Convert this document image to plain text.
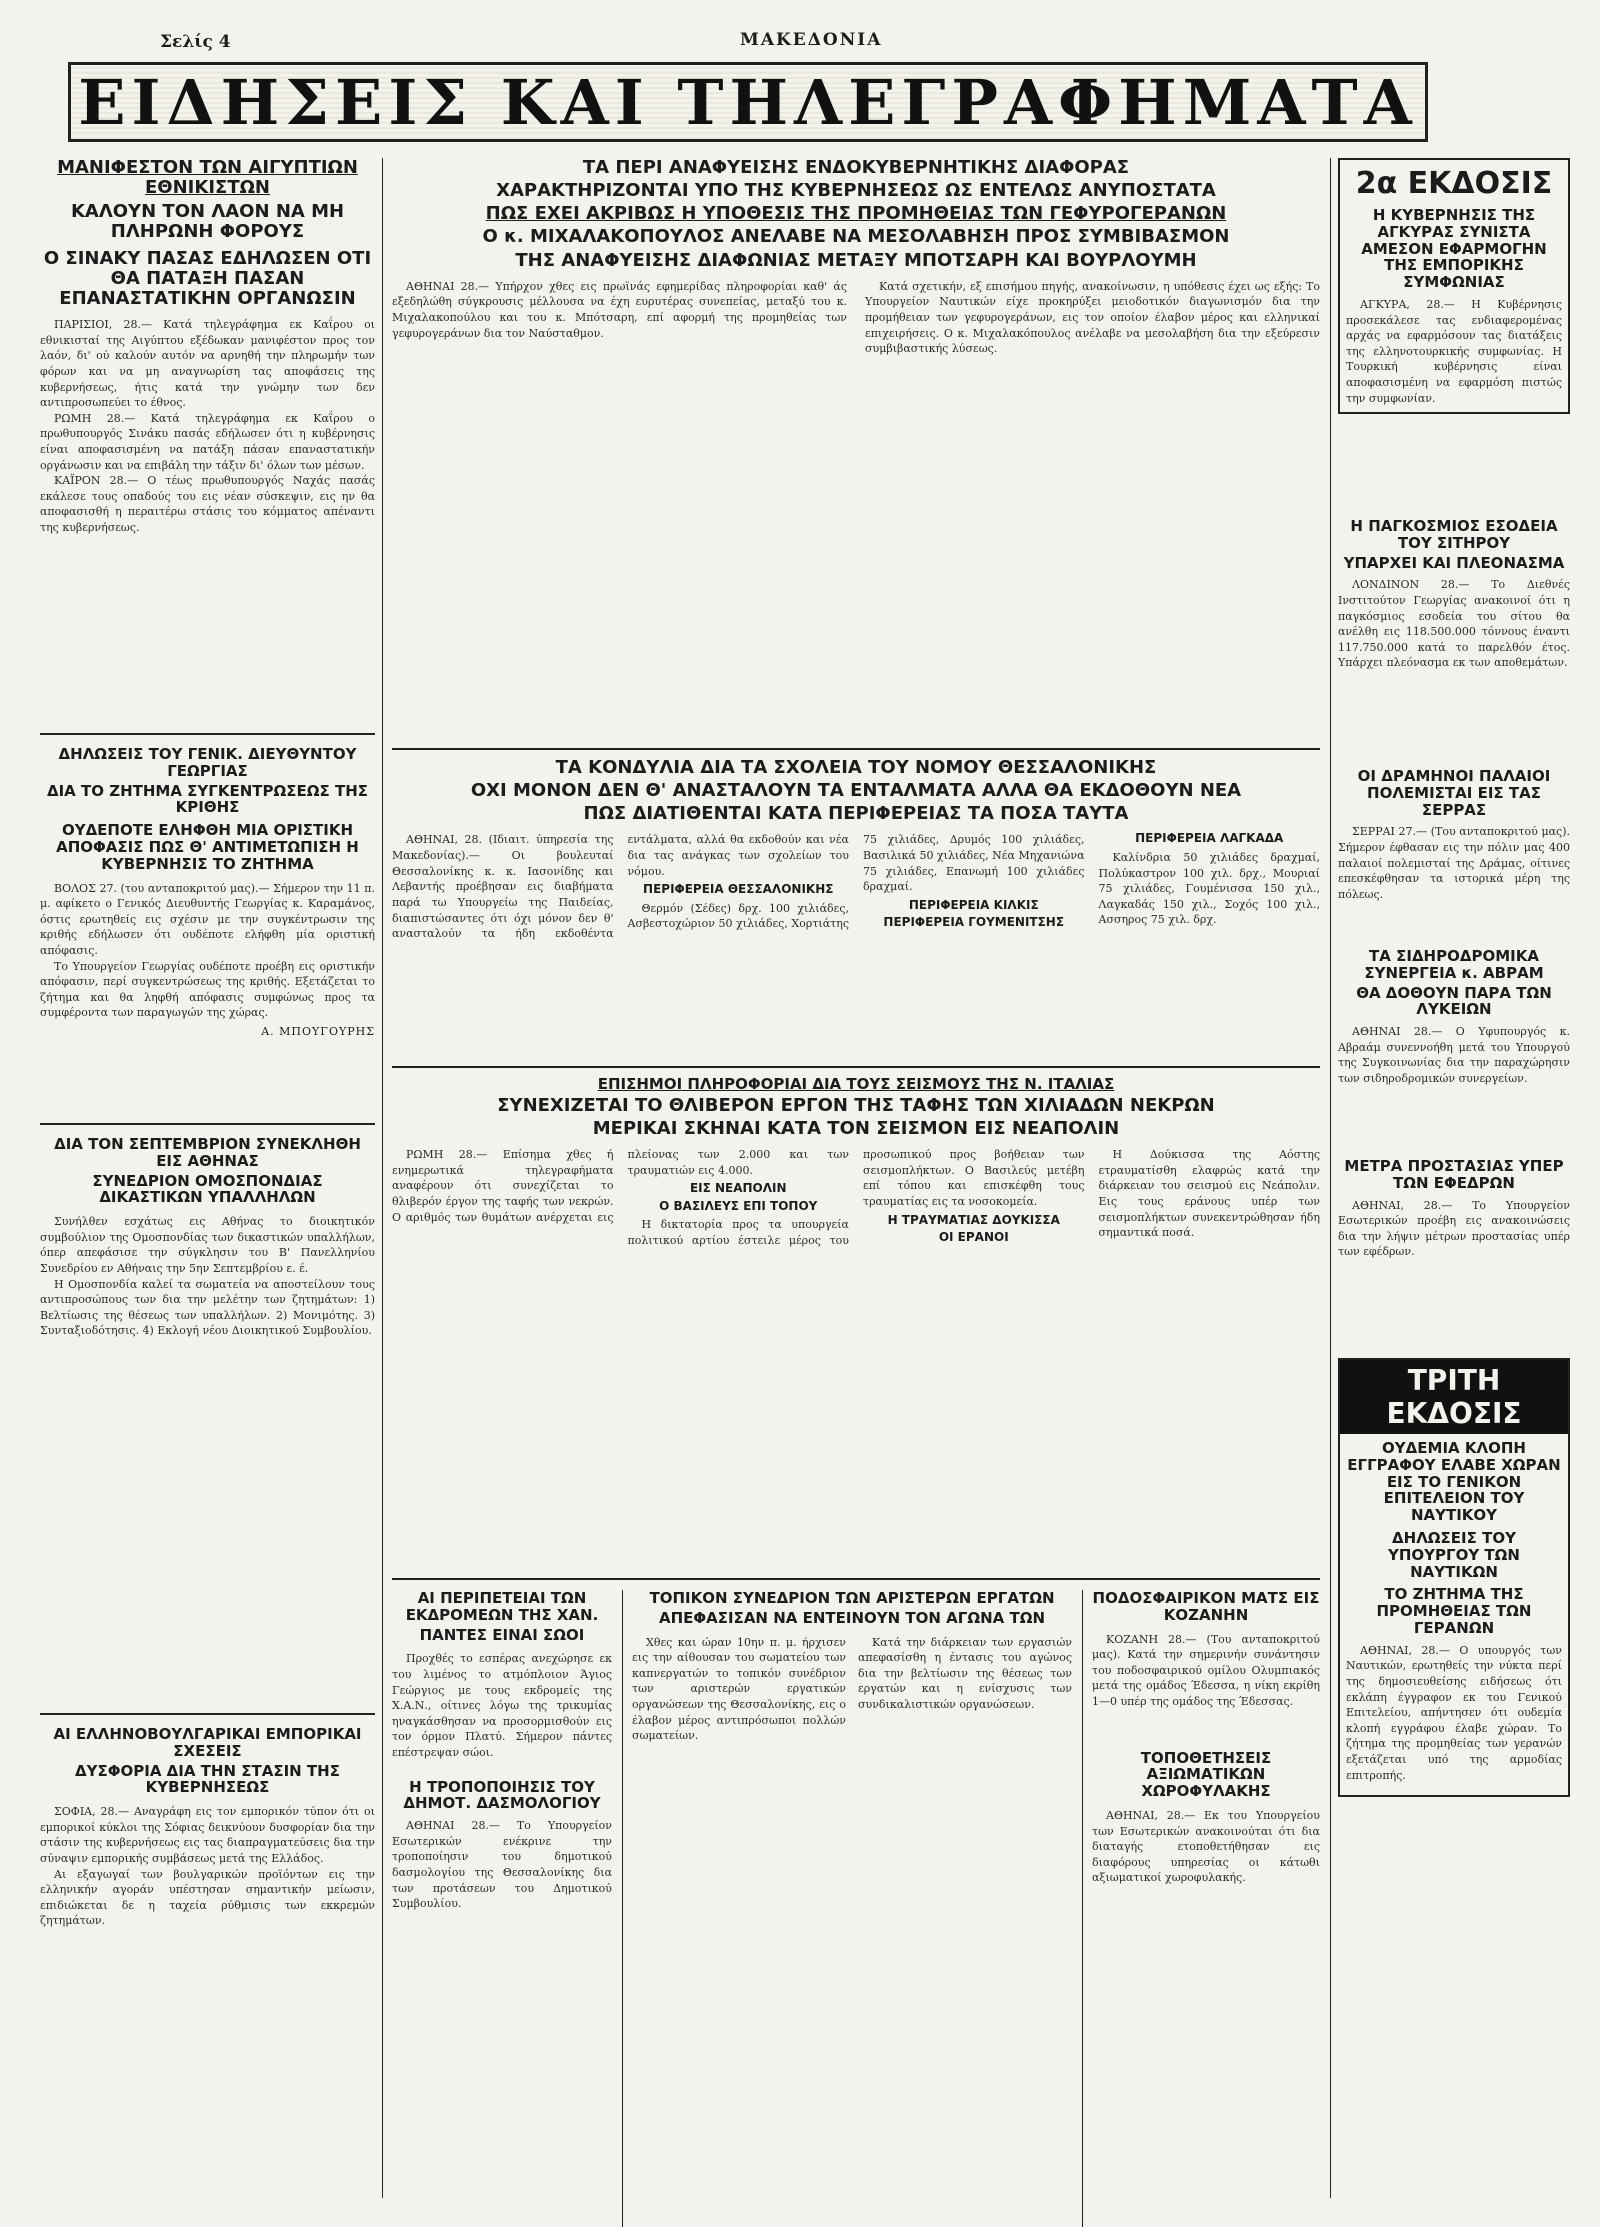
Σελίς 4	ΜΑΚΕΔΟΝΙΑ
ΕΙΔΗΣΕΙΣ ΚΑΙ ΤΗΛΕΓΡΑΦΗΜΑΤΑ
ΜΑΝΙΦΕΣΤΟΝ ΤΩΝ ΑΙΓΥΠΤΙΩΝ ΕΘΝΙΚΙΣΤΩΝ
ΚΑΛΟΥΝ ΤΟΝ ΛΑΟΝ ΝΑ ΜΗ ΠΛΗΡΩΝΗ ΦΟΡΟΥΣ
Ο ΣΙΝΑΚΥ ΠΑΣΑΣ ΕΔΗΛΩΣΕΝ ΟΤΙ ΘΑ ΠΑΤΑΞΗ ΠΑΣΑΝ ΕΠΑΝΑΣΤΑΤΙΚΗΝ ΟΡΓΑΝΩΣΙΝ

ΠΑΡΙΣΙΟΙ, 28.— Κατά τηλεγράφημα εκ Καΐρου οι εθνικισταί της Αιγύπτου εξέδωκαν μανιφέστον προς τον λαόν, δι' ού καλούν αυτόν να αρνηθή την πληρωμήν των φόρων και να μη αναγνωρίση τας αποφάσεις της κυβερνήσεως, ήτις κατά την γνώμην των δεν αντιπροσωπεύει το έθνος.

ΡΩΜΗ 28.— Κατά τηλεγράφημα εκ Καΐρου ο πρωθυπουργός Σινάκυ πασάς εδήλωσεν ότι η κυβέρνησις είναι αποφασισμένη να πατάξη πάσαν επαναστατικήν οργάνωσιν και να επιβάλη την τάξιν δι' όλων των μέσων.

ΚΑΪΡΟΝ 28.— Ο τέως πρωθυπουργός Ναχάς πασάς εκάλεσε τους οπαδούς του εις νέαν σύσκεψιν, εις ην θα αποφασισθή η περαιτέρω στάσις του κόμματος απέναντι της κυβερνήσεως.

ΔΗΛΩΣΕΙΣ ΤΟΥ ΓΕΝΙΚ. ΔΙΕΥΘΥΝΤΟΥ ΓΕΩΡΓΙΑΣ
ΔΙΑ ΤΟ ΖΗΤΗΜΑ ΣΥΓΚΕΝΤΡΩΣΕΩΣ ΤΗΣ ΚΡΙΘΗΣ
ΟΥΔΕΠΟΤΕ ΕΛΗΦΘΗ ΜΙΑ ΟΡΙΣΤΙΚΗ ΑΠΟΦΑΣΙΣ ΠΩΣ Θ' ΑΝΤΙΜΕΤΩΠΙΣΗ Η ΚΥΒΕΡΝΗΣΙΣ ΤΟ ΖΗΤΗΜΑ

ΒΟΛΟΣ 27. (του ανταποκριτού μας).— Σήμερον την 11 π. μ. αφίκετο ο Γενικός Διευθυντής Γεωργίας κ. Καραμάνος, όστις ερωτηθείς εις σχέσιν με την συγκέντρωσιν της κριθής εδήλωσεν ότι ουδέποτε ελήφθη μία οριστική απόφασις.

Το Υπουργείον Γεωργίας ουδέποτε προέβη εις οριστικήν απόφασιν, περί συγκεντρώσεως της κριθής. Εξετάζεται το ζήτημα και θα ληφθή απόφασις συμφώνως προς τα συμφέροντα των παραγωγών της χώρας.

Α. ΜΠΟΥΓΟΥΡΗΣ
ΔΙΑ ΤΟΝ ΣΕΠΤΕΜΒΡΙΟΝ ΣΥΝΕΚΛΗΘΗ ΕΙΣ ΑΘΗΝΑΣ
ΣΥΝΕΔΡΙΟΝ ΟΜΟΣΠΟΝΔΙΑΣ ΔΙΚΑΣΤΙΚΩΝ ΥΠΑΛΛΗΛΩΝ

Συνήλθεν εσχάτως εις Αθήνας το διοικητικόν συμβούλιον της Ομοσπονδίας των δικαστικών υπαλλήλων, όπερ απεφάσισε την σύγκλησιν του Β' Πανελληνίου Συνεδρίου εν Αθήναις την 5ην Σεπτεμβρίου ε. έ.

Η Ομοσπονδία καλεί τα σωματεία να αποστείλουν τους αντιπροσώπους των δια την μελέτην των ζητημάτων: 1) Βελτίωσις της θέσεως των υπαλλήλων. 2) Μονιμότης. 3) Συνταξιοδότησις. 4) Εκλογή νέου Διοικητικού Συμβουλίου.

ΑΙ ΕΛΛΗΝΟΒΟΥΛΓΑΡΙΚΑΙ ΕΜΠΟΡΙΚΑΙ ΣΧΕΣΕΙΣ
ΔΥΣΦΟΡΙΑ ΔΙΑ ΤΗΝ ΣΤΑΣΙΝ ΤΗΣ ΚΥΒΕΡΝΗΣΕΩΣ

ΣΟΦΙΑ, 28.— Αναγράφη εις τον εμπορικόν τύπον ότι οι εμπορικοί κύκλοι της Σόφιας δεικνύουν δυσφορίαν δια την στάσιν της κυβερνήσεως εις τας διαπραγματεύσεις δια την σύναψιν εμπορικής συμβάσεως μετά της Ελλάδος.

Αι εξαγωγαί των βουλγαρικών προϊόντων εις την ελληνικήν αγοράν υπέστησαν σημαντικήν μείωσιν, επιδιώκεται δε η ταχεία ρύθμισις των εκκρεμών ζητημάτων.

ΤΑ ΠΕΡΙ ΑΝΑΦΥΕΙΣΗΣ ΕΝΔΟΚΥΒΕΡΝΗΤΙΚΗΣ ΔΙΑΦΟΡΑΣ
ΧΑΡΑΚΤΗΡΙΖΟΝΤΑΙ ΥΠΟ ΤΗΣ ΚΥΒΕΡΝΗΣΕΩΣ ΩΣ ΕΝΤΕΛΩΣ ΑΝΥΠΟΣΤΑΤΑ
ΠΩΣ ΕΧΕΙ ΑΚΡΙΒΩΣ Η ΥΠΟΘΕΣΙΣ ΤΗΣ ΠΡΟΜΗΘΕΙΑΣ ΤΩΝ ΓΕΦΥΡΟΓΕΡΑΝΩΝ
Ο κ. ΜΙΧΑΛΑΚΟΠΟΥΛΟΣ ΑΝΕΛΑΒΕ ΝΑ ΜΕΣΟΛΑΒΗΣΗ ΠΡΟΣ ΣΥΜΒΙΒΑΣΜΟΝ
ΤΗΣ ΑΝΑΦΥΕΙΣΗΣ ΔΙΑΦΩΝΙΑΣ ΜΕΤΑΞΥ ΜΠΟΤΣΑΡΗ ΚΑΙ ΒΟΥΡΛΟΥΜΗ

ΑΘΗΝΑΙ 28.— Υπήρχον χθες εις πρωϊνάς εφημερίδας πληροφορίαι καθ' άς εξεδηλώθη σύγκρουσις μέλλουσα να έχη ευρυτέρας συνεπείας, μεταξύ του κ. Μιχαλακοπούλου και του κ. Μπότσαρη, επί αφορμή της προμηθείας των γεφυρογεράνων δια τον Ναύσταθμον.

Κατά σχετικήν, εξ επισήμου πηγής, ανακοίνωσιν, η υπόθεσις έχει ως εξής: Το Υπουργείον Ναυτικών είχε προκηρύξει μειοδοτικόν διαγωνισμόν δια την προμήθειαν των γεφυρογεράνων, εις τον οποίον έλαβον μέρος και ελληνικαί επιχειρήσεις. Ο κ. Μιχαλακόπουλος ανέλαβε να μεσολαβήση δια την εξεύρεσιν συμβιβαστικής λύσεως.

ΤΑ ΚΟΝΔΥΛΙΑ ΔΙΑ ΤΑ ΣΧΟΛΕΙΑ ΤΟΥ ΝΟΜΟΥ ΘΕΣΣΑΛΟΝΙΚΗΣ
ΟΧΙ ΜΟΝΟΝ ΔΕΝ Θ' ΑΝΑΣΤΑΛΟΥΝ ΤΑ ΕΝΤΑΛΜΑΤΑ ΑΛΛΑ ΘΑ ΕΚΔΟΘΟΥΝ ΝΕΑ
ΠΩΣ ΔΙΑΤΙΘΕΝΤΑΙ ΚΑΤΑ ΠΕΡΙΦΕΡΕΙΑΣ ΤΑ ΠΟΣΑ ΤΑΥΤΑ

ΑΘΗΝΑΙ, 28. (Ιδιαιτ. ύπηρεσία της Μακεδονίας).— Οι βουλευταί Θεσσαλονίκης κ. κ. Ιασονίδης και Λεβαντής προέβησαν εις διαβήματα παρά τω Υπουργείω της Παιδείας, διαπιστώσαντες ότι όχι μόνον δεν θ' ανασταλούν τα ήδη εκδοθέντα εντάλματα, αλλά θα εκδοθούν και νέα δια τας ανάγκας των σχολείων του νόμου.

ΠΕΡΙΦΕΡΕΙΑ ΘΕΣΣΑΛΟΝΙΚΗΣ

Θερμόν (Σέδες) δρχ. 100 χιλιάδες, Ασβεστοχώριον 50 χιλιάδες, Χορτιάτης 75 χιλιάδες, Δρυμός 100 χιλιάδες, Βασιλικά 50 χιλιάδες, Νέα Μηχανιώνα 75 χιλιάδες, Επανωμή 100 χιλιάδες δραχμαί.

ΠΕΡΙΦΕΡΕΙΑ ΚΙΛΚΙΣ
ΠΕΡΙΦΕΡΕΙΑ ΓΟΥΜΕΝΙΤΣΗΣ
ΠΕΡΙΦΕΡΕΙΑ ΛΑΓΚΑΔΑ

Καλίνδρια 50 χιλιάδες δραχμαί, Πολύκαστρον 100 χιλ. δρχ., Μουριαί 75 χιλιάδες, Γουμένισσα 150 χιλ., Λαγκαδάς 150 χιλ., Σοχός 100 χιλ., Ασσηρος 75 χιλ. δρχ.

ΕΠΙΣΗΜΟΙ ΠΛΗΡΟΦΟΡΙΑΙ ΔΙΑ ΤΟΥΣ ΣΕΙΣΜΟΥΣ ΤΗΣ Ν. ΙΤΑΛΙΑΣ
ΣΥΝΕΧΙΖΕΤΑΙ ΤΟ ΘΛΙΒΕΡΟΝ ΕΡΓΟΝ ΤΗΣ ΤΑΦΗΣ ΤΩΝ ΧΙΛΙΑΔΩΝ ΝΕΚΡΩΝ
ΜΕΡΙΚΑΙ ΣΚΗΝΑΙ ΚΑΤΑ ΤΟΝ ΣΕΙΣΜΟΝ ΕΙΣ ΝΕΑΠΟΛΙΝ

ΡΩΜΗ 28.— Επίσημα χθες ή ενημερωτικά τηλεγραφήματα αναφέρουν ότι συνεχίζεται το θλιβερόν έργον της ταφής των νεκρών. Ο αριθμός των θυμάτων ανέρχεται εις πλείονας των 2.000 και των τραυματιών εις 4.000.

ΕΙΣ ΝΕΑΠΟΛΙΝ
Ο ΒΑΣΙΛΕΥΣ ΕΠΙ ΤΟΠΟΥ

Η δικτατορία προς τα υπουργεία πολιτικού αρτίου έστειλε μέρος του προσωπικού προς βοήθειαν των σεισμοπλήκτων. Ο Βασιλεύς μετέβη επί τόπου και επισκέφθη τους τραυματίας εις τα νοσοκομεία.

Η ΤΡΑΥΜΑΤΙΑΣ ΔΟΥΚΙΣΣΑ
ΟΙ ΕΡΑΝΟΙ

Η Δούκισσα της Αόστης ετραυματίσθη ελαφρώς κατά την διάρκειαν του σεισμού εις Νεάπολιν. Εις τους εράνους υπέρ των σεισμοπλήκτων συνεκεντρώθησαν ήδη σημαντικά ποσά.

ΑΙ ΠΕΡΙΠΕΤΕΙΑΙ ΤΩΝ ΕΚΔΡΟΜΕΩΝ ΤΗΣ ΧΑΝ.
ΠΑΝΤΕΣ ΕΙΝΑΙ ΣΩΟΙ

Προχθές το εσπέρας ανεχώρησε εκ του λιμένος το ατμόπλοιον Άγιος Γεώργιος με τους εκδρομείς της Χ.Α.Ν., οίτινες λόγω της τρικυμίας ηναγκάσθησαν να προσορμισθούν εις τον όρμον Πλατύ. Σήμερον πάντες επέστρεψαν σώοι.

Η ΤΡΟΠΟΠΟΙΗΣΙΣ ΤΟΥ ΔΗΜΟΤ. ΔΑΣΜΟΛΟΓΙΟΥ

ΑΘΗΝΑΙ 28.— Το Υπουργείον Εσωτερικών ενέκρινε την τροποποίησιν του δημοτικού δασμολογίου της Θεσσαλονίκης δια των προτάσεων του Δημοτικού Συμβουλίου.

ΤΟΠΙΚΟΝ ΣΥΝΕΔΡΙΟΝ ΤΩΝ ΑΡΙΣΤΕΡΩΝ ΕΡΓΑΤΩΝ
ΑΠΕΦΑΣΙΣΑΝ ΝΑ ΕΝΤΕΙΝΟΥΝ ΤΟΝ ΑΓΩΝΑ ΤΩΝ

Χθες και ώραν 10ην π. μ. ήρχισεν εις την αίθουσαν του σωματείου των καπνεργατών το τοπικόν συνέδριον των αριστερών εργατικών οργανώσεων της Θεσσαλονίκης, εις ο έλαβον μέρος αντιπρόσωποι πολλών σωματείων.

Κατά την διάρκειαν των εργασιών απεφασίσθη η έντασις του αγώνος δια την βελτίωσιν της θέσεως των εργατών και η ενίσχυσις των συνδικαλιστικών οργανώσεων.

ΠΟΔΟΣΦΑΙΡΙΚΟΝ ΜΑΤΣ ΕΙΣ ΚΟΖΑΝΗΝ

ΚΟΖΑΝΗ 28.— (Του ανταποκριτού μας). Κατά την σημερινήν συνάντησιν του ποδοσφαιρικού ομίλου Ολυμπιακός μετά της ομάδος Έδεσσα, η νίκη εκρίθη 1—0 υπέρ της ομάδος της Έδεσσας.

ΤΟΠΟΘΕΤΗΣΕΙΣ ΑΞΙΩΜΑΤΙΚΩΝ ΧΩΡΟΦΥΛΑΚΗΣ

ΑΘΗΝΑΙ, 28.— Εκ του Υπουργείου των Εσωτερικών ανακοινούται ότι δια διαταγής ετοποθετήθησαν εις διαφόρους υπηρεσίας οι κάτωθι αξιωματικοί χωροφυλακής.

2α ΕΚΔΟΣΙΣ
Η ΚΥΒΕΡΝΗΣΙΣ ΤΗΣ ΑΓΚΥΡΑΣ ΣΥΝΙΣΤΑ ΑΜΕΣΟΝ ΕΦΑΡΜΟΓΗΝ ΤΗΣ ΕΜΠΟΡΙΚΗΣ ΣΥΜΦΩΝΙΑΣ

ΑΓΚΥΡΑ, 28.— Η Κυβέρνησις προσεκάλεσε τας ενδιαφερομένας αρχάς να εφαρμόσουν τας διατάξεις της ελληνοτουρκικής συμφωνίας. Η Τουρκική κυβέρνησις είναι αποφασισμένη να εφαρμόση πιστώς την συμφωνίαν.

Η ΠΑΓΚΟΣΜΙΟΣ ΕΣΟΔΕΙΑ ΤΟΥ ΣΙΤΗΡΟΥ
ΥΠΑΡΧΕΙ ΚΑΙ ΠΛΕΟΝΑΣΜΑ

ΛΟΝΔΙΝΟΝ 28.— Το Διεθνές Ινστιτούτον Γεωργίας ανακοινοί ότι η παγκόσμιος εσοδεία του σίτου θα ανέλθη εις 118.500.000 τόννους έναντι 117.750.000 κατά το παρελθόν έτος. Υπάρχει πλεόνασμα εκ των αποθεμάτων.

ΟΙ ΔΡΑΜΗΝΟΙ ΠΑΛΑΙΟΙ ΠΟΛΕΜΙΣΤΑΙ ΕΙΣ ΤΑΣ ΣΕΡΡΑΣ

ΣΕΡΡΑΙ 27.— (Του ανταποκριτού μας). Σήμερον έφθασαν εις την πόλιν μας 400 παλαιοί πολεμισταί της Δράμας, οίτινες επεσκέφθησαν τα ιστορικά μέρη της πόλεως.

ΤΑ ΣΙΔΗΡΟΔΡΟΜΙΚΑ ΣΥΝΕΡΓΕΙΑ κ. ΑΒΡΑΜ
ΘΑ ΔΟΘΟΥΝ ΠΑΡΑ ΤΩΝ ΛΥΚΕΙΩΝ

ΑΘΗΝΑΙ 28.— Ο Υφυπουργός κ. Αβραάμ συνεννοήθη μετά του Υπουργού της Συγκοινωνίας δια την παραχώρησιν των σιδηροδρομικών συνεργείων.

ΜΕΤΡΑ ΠΡΟΣΤΑΣΙΑΣ ΥΠΕΡ ΤΩΝ ΕΦΕΔΡΩΝ

ΑΘΗΝΑΙ, 28.— Το Υπουργείον Εσωτερικών προέβη εις ανακοινώσεις δια την λήψιν μέτρων προστασίας υπέρ των εφέδρων.

ΤΡΙΤΗ ΕΚΔΟΣΙΣ
ΟΥΔΕΜΙΑ ΚΛΟΠΗ ΕΓΓΡΑΦΟΥ ΕΛΑΒΕ ΧΩΡΑΝ ΕΙΣ ΤΟ ΓΕΝΙΚΟΝ ΕΠΙΤΕΛΕΙΟΝ ΤΟΥ ΝΑΥΤΙΚΟΥ
ΔΗΛΩΣΕΙΣ ΤΟΥ ΥΠΟΥΡΓΟΥ ΤΩΝ ΝΑΥΤΙΚΩΝ
ΤΟ ΖΗΤΗΜΑ ΤΗΣ ΠΡΟΜΗΘΕΙΑΣ ΤΩΝ ΓΕΡΑΝΩΝ

ΑΘΗΝΑΙ, 28.— Ο υπουργός των Ναυτικών, ερωτηθείς την νύκτα περί της δημοσιευθείσης ειδήσεως ότι εκλάπη έγγραφον εκ του Γενικού Επιτελείου, απήντησεν ότι ουδεμία κλοπή εγγράφου έλαβε χώραν. Το ζήτημα της προμηθείας των γερανών εξετάζεται υπό της αρμοδίας επιτροπής.
